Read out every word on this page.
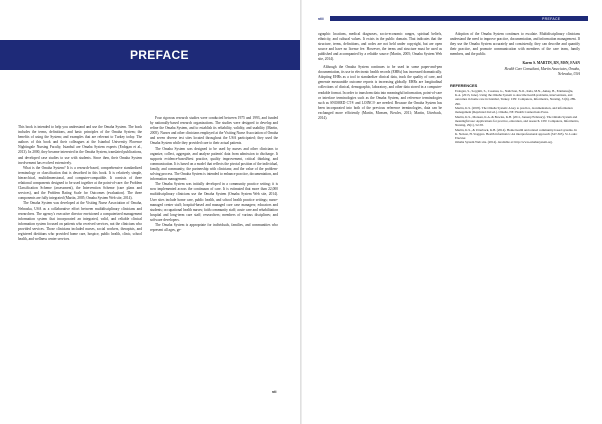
PREFACE

This book is intended to help you understand and use the Omaha System. The book includes the terms, definitions, and basic principles of the Omaha System; the benefits of using the System; and examples that are relevant to Turkey today. The authors of this book and their colleagues at the Istanbul University Florence Nightingale Nursing Faculty, Istanbul are Omaha System experts (Erdogan et al., 2013). In 2000, they became interested in the Omaha System, translated publications, and developed case studies to use with students. Since then, their Omaha System involvement has evolved extensively.

What is the Omaha System? It is a research-based, comprehensive standardized terminology or classification that is described in this book. It is relatively simple, hierarchical, multidimensional, and computer-compatible. It consists of three relational components designed to be used together at the point-of-care: the Problem Classification Scheme (assessment), the Intervention Scheme (care plans and services), and the Problem Rating Scale for Outcomes (evaluation). The three components are fully integrated (Martin, 2005; Omaha System Web site, 2014).

The Omaha System was developed at the Visiting Nurse Association of Omaha, Nebraska, USA as a collaborative effort between multidisciplinary clinicians and researchers. The agency's executive director envisioned a computerized management information system that incorporated an integrated, valid, and reliable clinical information system focused on patients who received services, not the clinicians who provided services. Those clinicians included nurses, social workers, therapists, and registered dietitians who provided home care, hospice, public health, clinic, school health, and wellness center services.

Four rigorous research studies were conducted between 1975 and 1993, and funded by nationally-based research organizations. The studies were designed to develop and refine the Omaha System, and to establish its reliability, validity, and usability (Martin, 2005). Nurses and other clinicians employed at the Visiting Nurse Association of Omaha and seven diverse test sites located throughout the USA participated; they used the Omaha System while they provided care to their actual patients.

The Omaha System was designed to be used by nurses and other clinicians to organize, collect, aggregate, and analyze patients' data from admission to discharge. It supports evidence-based/best practice, quality improvement, critical thinking, and communication. It is based on a model that reflects the pivotal position of the individual, family, and community; the partnership with clinicians; and the value of the problem-solving process. The Omaha System is intended to enhance practice, documentation, and information management.

The Omaha System was initially developed in a community practice setting; it is now implemented across the continuum of care. It is estimated that more than 22,000 multidisciplinary clinicians use the Omaha System (Omaha System Web site, 2014). User sites include home care, public health, and school health practice settings; nurse-managed center staff; hospital-based and managed care case managers; educators and students; occupational health nurses; faith community staff; acute care and rehabilitation hospital and long-term care staff; researchers; members of various disciplines; and software developers.

The Omaha System is appropriate for individuals, families, and communities who represent all ages, ge-

vii
viii	PREFACE

ographic locations, medical diagnoses, socio-economic ranges, spiritual beliefs, ethnicity, and cultural values. It exists in the public domain. That indicates that the structure, terms, definitions, and codes are not held under copyright, but are open source and have no license fee. However, the terms and structure must be used as published and accompanied by a reliable source (Martin, 2005; Omaha System Web site, 2014).

Although the Omaha System continues to be used in some paper-and-pen documentation, its use in electronic health records (EHRs) has increased dramatically. Adopting EHRs as a tool to standardize clinical data, track the quality of care, and generate measurable outcome reports is increasing globally. EHRs are longitudinal collections of clinical, demographic, laboratory, and other data stored in a computer-readable format. In order to transform data into meaningful information, point-of-care or interface terminologies such as the Omaha System, and reference terminologies such as SNOMED CT® and LOINC® are needed. Because the Omaha System has been incorporated into both of the previous reference terminologies, data can be exchanged more efficiently (Martin, Monsen, Bowles, 2011; Martin, Utterback, 2014).

Adoption of the Omaha System continues to escalate. Multidisciplinary clinicians understand the need to improve practice, documentation, and information management. If they use the Omaha System accurately and consistently, they can describe and quantify their practice, and promote communication with members of the care team, family members, and the public.

Karen S. MARTIN, RN, MSN, FAAN
Health Care Consultant, Martin Associates, Omaha,
Nebraska, USA
REFERENCES

Erdogan, S., Seçginli, S., Cosansu, G., Nahcivan, N.O., Kula, M.N., Akkaş, B., Erkmenoğlu, K.A. (2013, June). Using the Omaha System to describe health problems, interventions, and outcomes in home care in Istanbul, Turkey. CIN: Computers, Informatics, Nursing, 31(6), 289-296.

Martin, K.S. (2005). The Omaha System: A key to practice, documentation, and information management (Reprinted 2nd ed.). Omaha, NE: Health Connections Press.

Martin, K.S., Monsen, K.A. & Bowles, K.H. (2011, January/February). The Omaha System and meaningful use: Applications for practice, education, and research. CIN: Computers, Informatics, Nursing, 29(1), 52-58.

Martin, K.S., & Utterback, K.B. (2014). Home health and related community-based systems. In K. Nelson, H. Staggers. Health informatics: An interprofessional approach (347-365). St. Louis: Elsevier.

Omaha System Web site. (2014). Available at: http://www.omahasystem.org.
